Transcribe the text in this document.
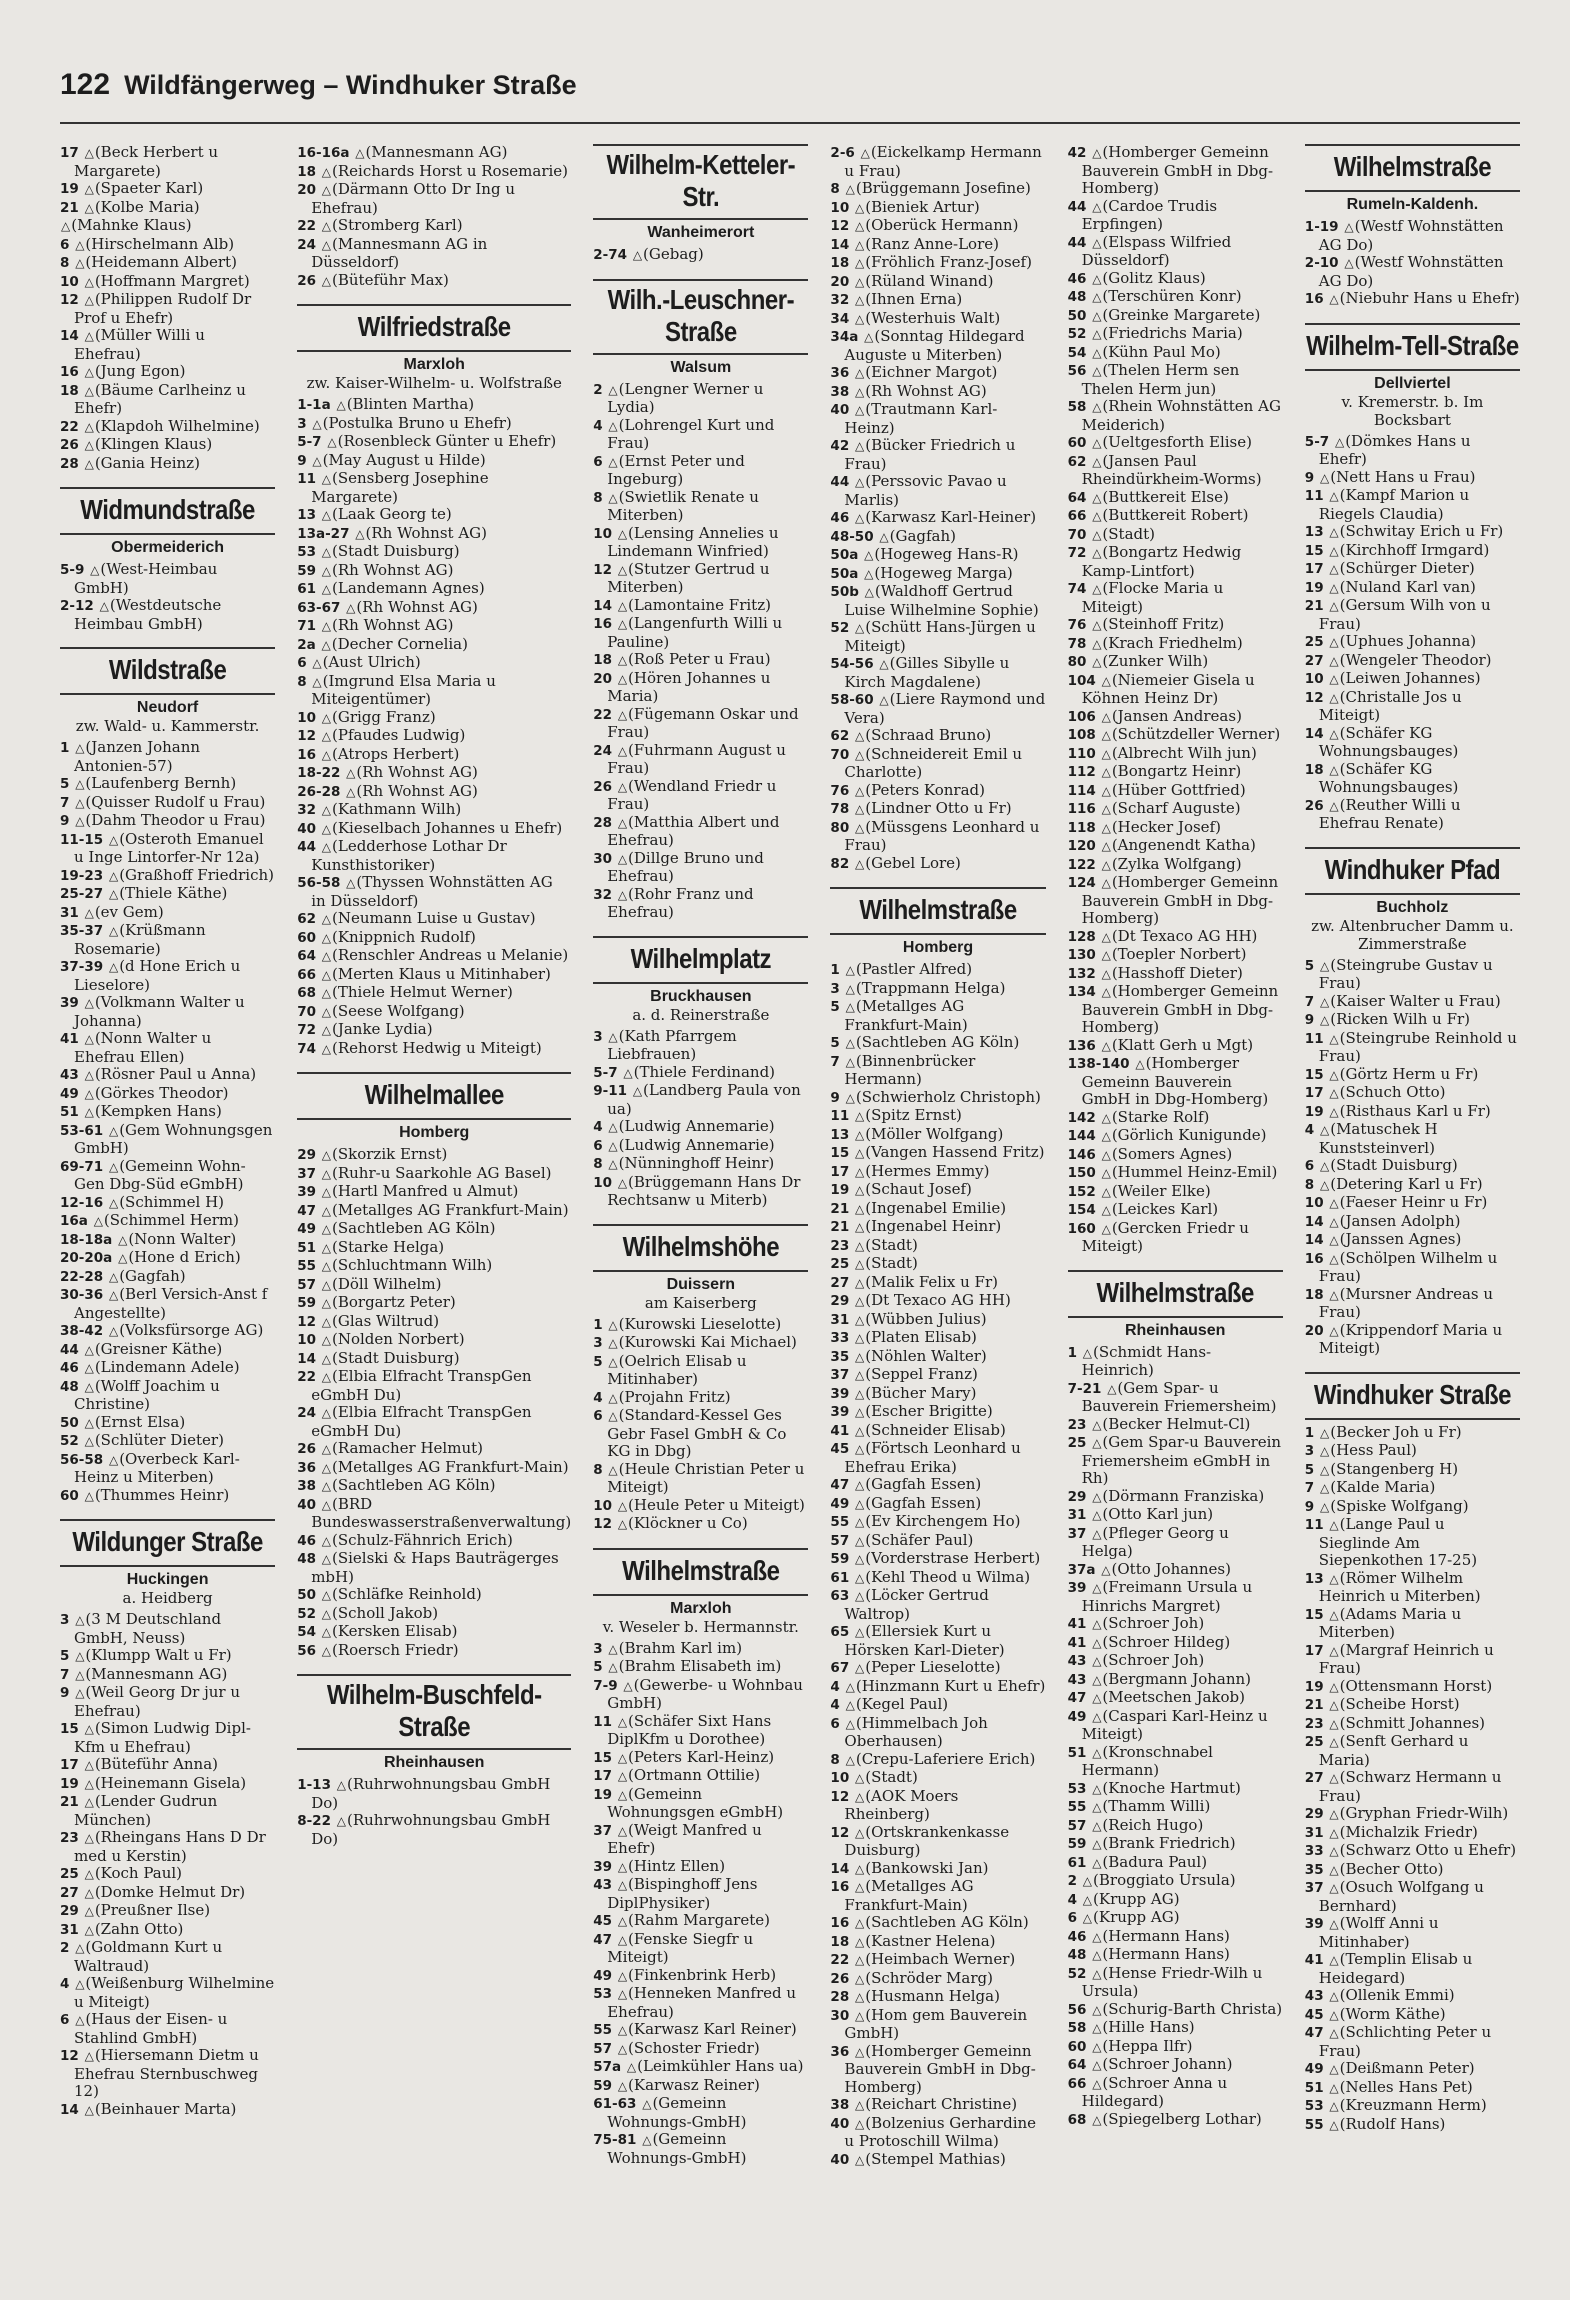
122 Wildfängerweg – Windhuker Straße
17 △(Beck Herbert u Margarete)
19 △(Spaeter Karl)
21 △(Kolbe Maria)
△(Mahnke Klaus)
6 △(Hirschelmann Alb)
8 △(Heidemann Albert)
10 △(Hoffmann Margret)
12 △(Philippen Rudolf Dr Prof u Ehefr)
14 △(Müller Willi u Ehefrau)
16 △(Jung Egon)
18 △(Bäume Carlheinz u Ehefr)
22 △(Klapdoh Wilhelmine)
26 △(Klingen Klaus)
28 △(Gania Heinz)
Widmundstraße
Obermeiderich
5-9 △(West-Heimbau GmbH)
2-12 △(Westdeutsche Heimbau GmbH)
Wildstraße
Neudorf
zw. Wald- u. Kammerstr.
1 △(Janzen Johann Antonien-57)
5 △(Laufenberg Bernh)
7 △(Quisser Rudolf u Frau)
9 △(Dahm Theodor u Frau)
11-15 △(Osteroth Emanuel u Inge Lintorfer-Nr 12a)
19-23 △(Graßhoff Friedrich)
25-27 △(Thiele Käthe)
31 △(ev Gem)
35-37 △(Krüßmann Rosemarie)
37-39 △(d Hone Erich u Lieselore)
39 △(Volkmann Walter u Johanna)
41 △(Nonn Walter u Ehefrau Ellen)
43 △(Rösner Paul u Anna)
49 △(Görkes Theodor)
51 △(Kempken Hans)
53-61 △(Gem Wohnungsgen GmbH)
69-71 △(Gemeinn Wohn-Gen Dbg-Süd eGmbH)
12-16 △(Schimmel H)
16a △(Schimmel Herm)
18-18a △(Nonn Walter)
20-20a △(Hone d Erich)
22-28 △(Gagfah)
30-36 △(Berl Versich-Anst f Angestellte)
38-42 △(Volksfürsorge AG)
44 △(Greisner Käthe)
46 △(Lindemann Adele)
48 △(Wolff Joachim u Christine)
50 △(Ernst Elsa)
52 △(Schlüter Dieter)
56-58 △(Overbeck Karl-Heinz u Miterben)
60 △(Thummes Heinr)
Wildunger Straße
Huckingen
a. Heidberg
3 △(3 M Deutschland GmbH, Neuss)
5 △(Klumpp Walt u Fr)
7 △(Mannesmann AG)
9 △(Weil Georg Dr jur u Ehefrau)
15 △(Simon Ludwig Dipl-Kfm u Ehefrau)
17 △(Büteführ Anna)
19 △(Heinemann Gisela)
21 △(Lender Gudrun München)
23 △(Rheingans Hans D Dr med u Kerstin)
25 △(Koch Paul)
27 △(Domke Helmut Dr)
29 △(Preußner Ilse)
31 △(Zahn Otto)
2 △(Goldmann Kurt u Waltraud)
4 △(Weißenburg Wilhelmine u Miteigt)
6 △(Haus der Eisen- u Stahlind GmbH)
12 △(Hiersemann Dietm u Ehefrau Sternbuschweg 12)
14 △(Beinhauer Marta)
16-16a △(Mannesmann AG)
18 △(Reichards Horst u Rosemarie)
20 △(Därmann Otto Dr Ing u Ehefrau)
22 △(Stromberg Karl)
24 △(Mannesmann AG in Düsseldorf)
26 △(Büteführ Max)
Wilfriedstraße
Marxloh
zw. Kaiser-Wilhelm- u. Wolfstraße
1-1a △(Blinten Martha)
3 △(Postulka Bruno u Ehefr)
5-7 △(Rosenbleck Günter u Ehefr)
9 △(May August u Hilde)
11 △(Sensberg Josephine Margarete)
13 △(Laak Georg te)
13a-27 △(Rh Wohnst AG)
53 △(Stadt Duisburg)
59 △(Rh Wohnst AG)
61 △(Landemann Agnes)
63-67 △(Rh Wohnst AG)
71 △(Rh Wohnst AG)
2a △(Decher Cornelia)
6 △(Aust Ulrich)
8 △(Imgrund Elsa Maria u Miteigentümer)
10 △(Grigg Franz)
12 △(Pfaudes Ludwig)
16 △(Atrops Herbert)
18-22 △(Rh Wohnst AG)
26-28 △(Rh Wohnst AG)
32 △(Kathmann Wilh)
40 △(Kieselbach Johannes u Ehefr)
44 △(Ledderhose Lothar Dr Kunsthistoriker)
56-58 △(Thyssen Wohnstätten AG in Düsseldorf)
62 △(Neumann Luise u Gustav)
60 △(Knippnich Rudolf)
64 △(Renschler Andreas u Melanie)
66 △(Merten Klaus u Mitinhaber)
68 △(Thiele Helmut Werner)
70 △(Seese Wolfgang)
72 △(Janke Lydia)
74 △(Rehorst Hedwig u Miteigt)
Wilhelmallee
Homberg
29 △(Skorzik Ernst)
37 △(Ruhr-u Saarkohle AG Basel)
39 △(Hartl Manfred u Almut)
47 △(Metallges AG Frankfurt-Main)
49 △(Sachtleben AG Köln)
51 △(Starke Helga)
55 △(Schluchtmann Wilh)
57 △(Döll Wilhelm)
59 △(Borgartz Peter)
12 △(Glas Wiltrud)
10 △(Nolden Norbert)
14 △(Stadt Duisburg)
22 △(Elbia Elfracht TranspGen eGmbH Du)
24 △(Elbia Elfracht TranspGen eGmbH Du)
26 △(Ramacher Helmut)
36 △(Metallges AG Frankfurt-Main)
38 △(Sachtleben AG Köln)
40 △(BRD Bundeswasserstraßenverwaltung)
46 △(Schulz-Fähnrich Erich)
48 △(Sielski & Haps Bauträgerges mbH)
50 △(Schläfke Reinhold)
52 △(Scholl Jakob)
54 △(Kersken Elisab)
56 △(Roersch Friedr)
Wilhelm-Buschfeld-Straße
Rheinhausen
1-13 △(Ruhrwohnungsbau GmbH Do)
8-22 △(Ruhrwohnungsbau GmbH Do)
Wilhelm-Ketteler-Str.
Wanheimerort
2-74 △(Gebag)
Wilh.-Leuschner-Straße
Walsum
2 △(Lengner Werner u Lydia)
4 △(Lohrengel Kurt und Frau)
6 △(Ernst Peter und Ingeburg)
8 △(Swietlik Renate u Miterben)
10 △(Lensing Annelies u Lindemann Winfried)
12 △(Stutzer Gertrud u Miterben)
14 △(Lamontaine Fritz)
16 △(Langenfurth Willi u Pauline)
18 △(Roß Peter u Frau)
20 △(Hören Johannes u Maria)
22 △(Fügemann Oskar und Frau)
24 △(Fuhrmann August u Frau)
26 △(Wendland Friedr u Frau)
28 △(Matthia Albert und Ehefrau)
30 △(Dillge Bruno und Ehefrau)
32 △(Rohr Franz und Ehefrau)
Wilhelmplatz
Bruckhausen
a. d. Reinerstraße
3 △(Kath Pfarrgem Liebfrauen)
5-7 △(Thiele Ferdinand)
9-11 △(Landberg Paula von ua)
4 △(Ludwig Annemarie)
6 △(Ludwig Annemarie)
8 △(Nünninghoff Heinr)
10 △(Brüggemann Hans Dr Rechtsanw u Miterb)
Wilhelmshöhe
Duissern
am Kaiserberg
1 △(Kurowski Lieselotte)
3 △(Kurowski Kai Michael)
5 △(Oelrich Elisab u Mitinhaber)
4 △(Projahn Fritz)
6 △(Standard-Kessel Ges Gebr Fasel GmbH & Co KG in Dbg)
8 △(Heule Christian Peter u Miteigt)
10 △(Heule Peter u Miteigt)
12 △(Klöckner u Co)
Wilhelmstraße
Marxloh
v. Weseler b. Hermannstr.
3 △(Brahm Karl im)
5 △(Brahm Elisabeth im)
7-9 △(Gewerbe- u Wohnbau GmbH)
11 △(Schäfer Sixt Hans DiplKfm u Dorothee)
15 △(Peters Karl-Heinz)
17 △(Ortmann Ottilie)
19 △(Gemeinn Wohnungsgen eGmbH)
37 △(Weigt Manfred u Ehefr)
39 △(Hintz Ellen)
43 △(Bispinghoff Jens DiplPhysiker)
45 △(Rahm Margarete)
47 △(Fenske Siegfr u Miteigt)
49 △(Finkenbrink Herb)
53 △(Henneken Manfred u Ehefrau)
55 △(Karwasz Karl Reiner)
57 △(Schoster Friedr)
57a △(Leimkühler Hans ua)
59 △(Karwasz Reiner)
61-63 △(Gemeinn Wohnungs-GmbH)
75-81 △(Gemeinn Wohnungs-GmbH)
2-6 △(Eickelkamp Hermann u Frau)
8 △(Brüggemann Josefine)
10 △(Bieniek Artur)
12 △(Oberück Hermann)
14 △(Ranz Anne-Lore)
18 △(Fröhlich Franz-Josef)
20 △(Rüland Winand)
32 △(Ihnen Erna)
34 △(Westerhuis Walt)
34a △(Sonntag Hildegard Auguste u Miterben)
36 △(Eichner Margot)
38 △(Rh Wohnst AG)
40 △(Trautmann Karl-Heinz)
42 △(Bücker Friedrich u Frau)
44 △(Perssovic Pavao u Marlis)
46 △(Karwasz Karl-Heiner)
48-50 △(Gagfah)
50a △(Hogeweg Hans-R)
50a △(Hogeweg Marga)
50b △(Waldhoff Gertrud Luise Wilhelmine Sophie)
52 △(Schütt Hans-Jürgen u Miteigt)
54-56 △(Gilles Sibylle u Kirch Magdalene)
58-60 △(Liere Raymond und Vera)
62 △(Schraad Bruno)
70 △(Schneidereit Emil u Charlotte)
76 △(Peters Konrad)
78 △(Lindner Otto u Fr)
80 △(Müssgens Leonhard u Frau)
82 △(Gebel Lore)
Wilhelmstraße
Homberg
1 △(Pastler Alfred)
3 △(Trappmann Helga)
5 △(Metallges AG Frankfurt-Main)
5 △(Sachtleben AG Köln)
7 △(Binnenbrücker Hermann)
9 △(Schwierholz Christoph)
11 △(Spitz Ernst)
13 △(Möller Wolfgang)
15 △(Vangen Hassend Fritz)
17 △(Hermes Emmy)
19 △(Schaut Josef)
21 △(Ingenabel Emilie)
21 △(Ingenabel Heinr)
23 △(Stadt)
25 △(Stadt)
27 △(Malik Felix u Fr)
29 △(Dt Texaco AG HH)
31 △(Wübben Julius)
33 △(Platen Elisab)
35 △(Nöhlen Walter)
37 △(Seppel Franz)
39 △(Bücher Mary)
39 △(Escher Brigitte)
41 △(Schneider Elisab)
45 △(Förtsch Leonhard u Ehefrau Erika)
47 △(Gagfah Essen)
49 △(Gagfah Essen)
55 △(Ev Kirchengem Ho)
57 △(Schäfer Paul)
59 △(Vorderstrase Herbert)
61 △(Kehl Theod u Wilma)
63 △(Löcker Gertrud Waltrop)
65 △(Ellersiek Kurt u Hörsken Karl-Dieter)
67 △(Peper Lieselotte)
4 △(Hinzmann Kurt u Ehefr)
4 △(Kegel Paul)
6 △(Himmelbach Joh Oberhausen)
8 △(Crepu-Laferiere Erich)
10 △(Stadt)
12 △(AOK Moers Rheinberg)
12 △(Ortskrankenkasse Duisburg)
14 △(Bankowski Jan)
16 △(Metallges AG Frankfurt-Main)
16 △(Sachtleben AG Köln)
18 △(Kastner Helena)
22 △(Heimbach Werner)
26 △(Schröder Marg)
28 △(Husmann Helga)
30 △(Hom gem Bauverein GmbH)
36 △(Homberger Gemeinn Bauverein GmbH in Dbg-Homberg)
38 △(Reichart Christine)
40 △(Bolzenius Gerhardine u Protoschill Wilma)
40 △(Stempel Mathias)
42 △(Homberger Gemeinn Bauverein GmbH in Dbg-Homberg)
44 △(Cardoe Trudis Erpfingen)
44 △(Elspass Wilfried Düsseldorf)
46 △(Golitz Klaus)
48 △(Terschüren Konr)
50 △(Greinke Margarete)
52 △(Friedrichs Maria)
54 △(Kühn Paul Mo)
56 △(Thelen Herm sen Thelen Herm jun)
58 △(Rhein Wohnstätten AG Meiderich)
60 △(Ueltgesforth Elise)
62 △(Jansen Paul Rheindürkheim-Worms)
64 △(Buttkereit Else)
66 △(Buttkereit Robert)
70 △(Stadt)
72 △(Bongartz Hedwig Kamp-Lintfort)
74 △(Flocke Maria u Miteigt)
76 △(Steinhoff Fritz)
78 △(Krach Friedhelm)
80 △(Zunker Wilh)
104 △(Niemeier Gisela u Köhnen Heinz Dr)
106 △(Jansen Andreas)
108 △(Schützdeller Werner)
110 △(Albrecht Wilh jun)
112 △(Bongartz Heinr)
114 △(Hüber Gottfried)
116 △(Scharf Auguste)
118 △(Hecker Josef)
120 △(Angenendt Katha)
122 △(Zylka Wolfgang)
124 △(Homberger Gemeinn Bauverein GmbH in Dbg-Homberg)
128 △(Dt Texaco AG HH)
130 △(Toepler Norbert)
132 △(Hasshoff Dieter)
134 △(Homberger Gemeinn Bauverein GmbH in Dbg-Homberg)
136 △(Klatt Gerh u Mgt)
138-140 △(Homberger Gemeinn Bauverein GmbH in Dbg-Homberg)
142 △(Starke Rolf)
144 △(Görlich Kunigunde)
146 △(Somers Agnes)
150 △(Hummel Heinz-Emil)
152 △(Weiler Elke)
154 △(Leickes Karl)
160 △(Gercken Friedr u Miteigt)
Wilhelmstraße
Rheinhausen
1 △(Schmidt Hans-Heinrich)
7-21 △(Gem Spar- u Bauverein Friemersheim)
23 △(Becker Helmut-Cl)
25 △(Gem Spar-u Bauverein Friemersheim eGmbH in Rh)
29 △(Dörmann Franziska)
31 △(Otto Karl jun)
37 △(Pfleger Georg u Helga)
37a △(Otto Johannes)
39 △(Freimann Ursula u Hinrichs Margret)
41 △(Schroer Joh)
41 △(Schroer Hildeg)
43 △(Schroer Joh)
43 △(Bergmann Johann)
47 △(Meetschen Jakob)
49 △(Caspari Karl-Heinz u Miteigt)
51 △(Kronschnabel Hermann)
53 △(Knoche Hartmut)
55 △(Thamm Willi)
57 △(Reich Hugo)
59 △(Brank Friedrich)
61 △(Badura Paul)
2 △(Broggiato Ursula)
4 △(Krupp AG)
6 △(Krupp AG)
46 △(Hermann Hans)
48 △(Hermann Hans)
52 △(Hense Friedr-Wilh u Ursula)
56 △(Schurig-Barth Christa)
58 △(Hille Hans)
60 △(Heppa Ilfr)
64 △(Schroer Johann)
66 △(Schroer Anna u Hildegard)
68 △(Spiegelberg Lothar)
Wilhelmstraße
Rumeln-Kaldenh.
1-19 △(Westf Wohnstätten AG Do)
2-10 △(Westf Wohnstätten AG Do)
16 △(Niebuhr Hans u Ehefr)
Wilhelm-Tell-Straße
Dellviertel
v. Kremerstr. b. Im Bocksbart
5-7 △(Dömkes Hans u Ehefr)
9 △(Nett Hans u Frau)
11 △(Kampf Marion u Riegels Claudia)
13 △(Schwitay Erich u Fr)
15 △(Kirchhoff Irmgard)
17 △(Schürger Dieter)
19 △(Nuland Karl van)
21 △(Gersum Wilh von u Frau)
25 △(Uphues Johanna)
27 △(Wengeler Theodor)
10 △(Leiwen Johannes)
12 △(Christalle Jos u Miteigt)
14 △(Schäfer KG Wohnungsbauges)
18 △(Schäfer KG Wohnungsbauges)
26 △(Reuther Willi u Ehefrau Renate)
Windhuker Pfad
Buchholz
zw. Altenbrucher Damm u. Zimmerstraße
5 △(Steingrube Gustav u Frau)
7 △(Kaiser Walter u Frau)
9 △(Ricken Wilh u Fr)
11 △(Steingrube Reinhold u Frau)
15 △(Görtz Herm u Fr)
17 △(Schuch Otto)
19 △(Risthaus Karl u Fr)
4 △(Matuschek H Kunststeinverl)
6 △(Stadt Duisburg)
8 △(Detering Karl u Fr)
10 △(Faeser Heinr u Fr)
14 △(Jansen Adolph)
14 △(Janssen Agnes)
16 △(Schölpen Wilhelm u Frau)
18 △(Mursner Andreas u Frau)
20 △(Krippendorf Maria u Miteigt)
Windhuker Straße
1 △(Becker Joh u Fr)
3 △(Hess Paul)
5 △(Stangenberg H)
7 △(Kalde Maria)
9 △(Spiske Wolfgang)
11 △(Lange Paul u Sieglinde Am Siepenkothen 17-25)
13 △(Römer Wilhelm Heinrich u Miterben)
15 △(Adams Maria u Miterben)
17 △(Margraf Heinrich u Frau)
19 △(Ottensmann Horst)
21 △(Scheibe Horst)
23 △(Schmitt Johannes)
25 △(Senft Gerhard u Maria)
27 △(Schwarz Hermann u Frau)
29 △(Gryphan Friedr-Wilh)
31 △(Michalzik Friedr)
33 △(Schwarz Otto u Ehefr)
35 △(Becher Otto)
37 △(Osuch Wolfgang u Bernhard)
39 △(Wolff Anni u Mitinhaber)
41 △(Templin Elisab u Heidegard)
43 △(Ollenik Emmi)
45 △(Worm Käthe)
47 △(Schlichting Peter u Frau)
49 △(Deißmann Peter)
51 △(Nelles Hans Pet)
53 △(Kreuzmann Herm)
55 △(Rudolf Hans)
